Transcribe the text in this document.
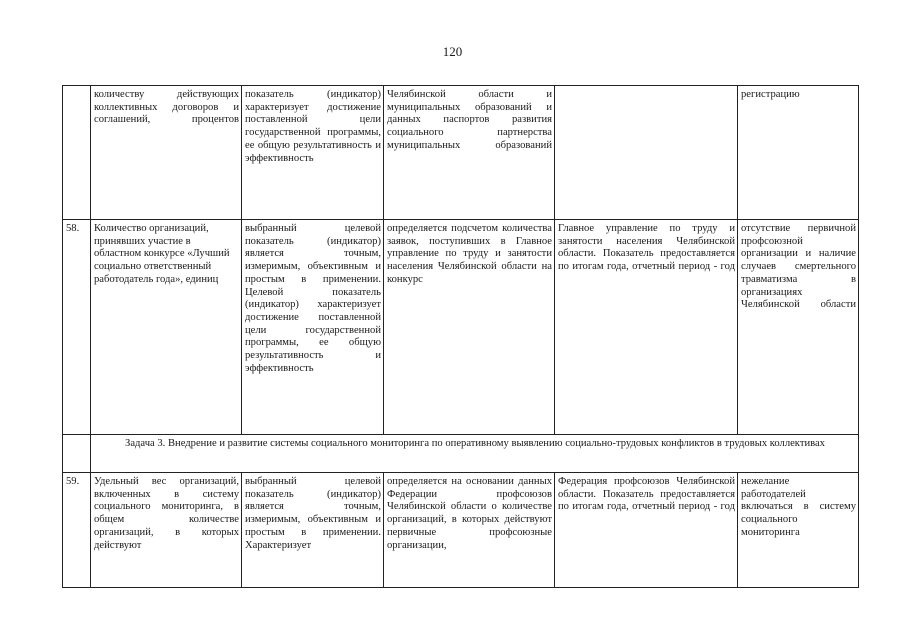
120
	количеству действующих коллективных договоров и соглашений, процентов	показатель (индикатор) характеризует достижение поставленной цели государственной программы, ее общую результативность и эффективность	Челябинской области и муниципальных образований и данных паспортов развития социального партнерства муниципальных образований		регистрацию
58.	Количество организаций, принявших участие в областном конкурсе «Лучший социально ответственный работодатель года», единиц	выбранный целевой показатель (индикатор) является точным, измеримым, объективным и простым в применении. Целевой показатель (индикатор) характеризует достижение поставленной цели государственной программы, ее общую результативность и эффективность	определяется подсчетом количества заявок, поступивших в Главное управление по труду и занятости населения Челябинской области на конкурс	Главное управление по труду и занятости населения Челябинской области. Показатель предоставляется по итогам года, отчетный период - год	отсутствие первичной профсоюзной организации и наличие случаев смертельного травматизма в организациях Челябинской области
	Задача 3. Внедрение и развитие системы социального мониторинга по оперативному выявлению социально-трудовых конфликтов в трудовых коллективах				
59.	Удельный вес организаций, включенных в систему социального мониторинга, в общем количестве организаций, в которых действуют	выбранный целевой показатель (индикатор) является точным, измеримым, объективным и простым в применении. Характеризует	определяется на основании данных Федерации профсоюзов Челябинской области о количестве организаций, в которых действуют первичные профсоюзные организации,	Федерация профсоюзов Челябинской области. Показатель предоставляется по итогам года, отчетный период - год	нежелание работодателей включаться в систему социального мониторинга
